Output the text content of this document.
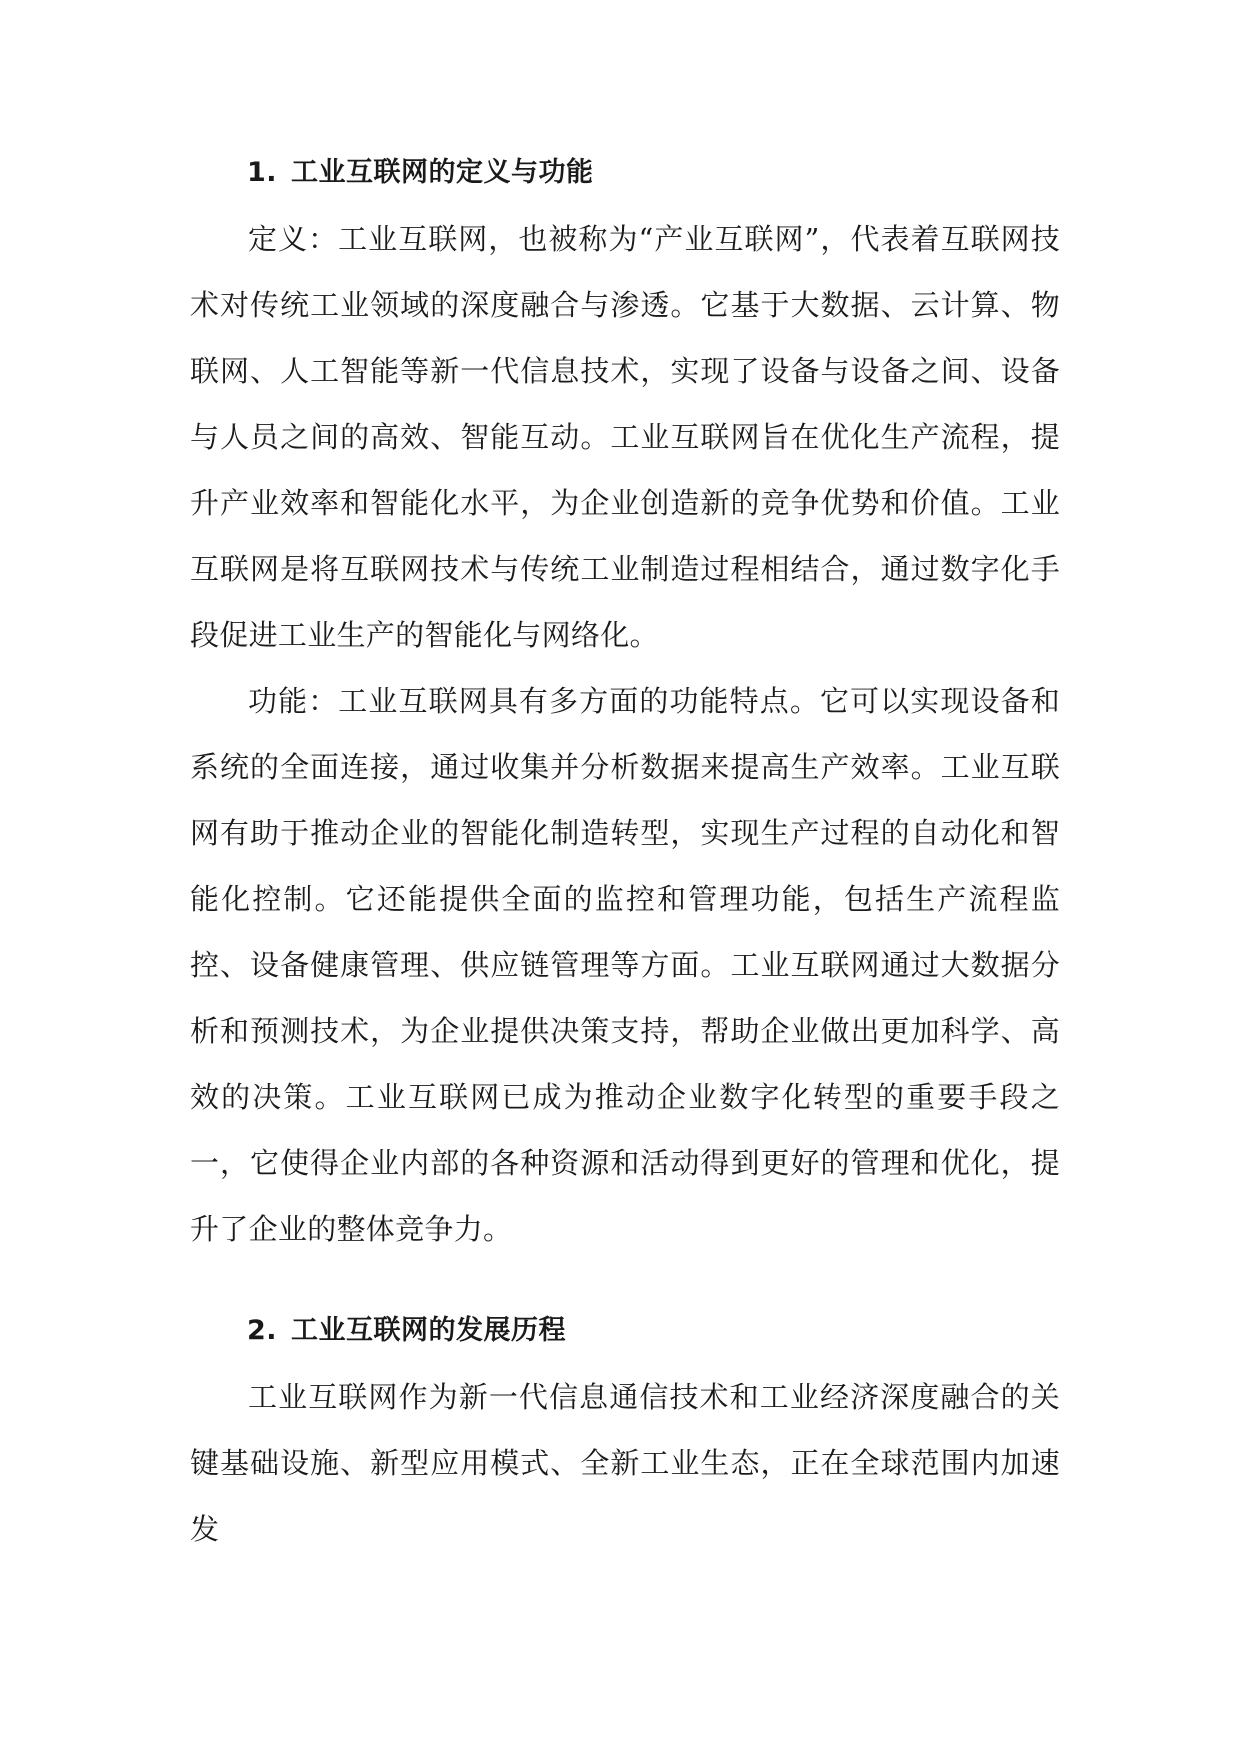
1. 工业互联网的定义与功能

定义：工业互联网，也被称为“产业互联网”，代表着互联网技术对传统工业领域的深度融合与渗透。它基于大数据、云计算、物联网、人工智能等新一代信息技术，实现了设备与设备之间、设备与人员之间的高效、智能互动。工业互联网旨在优化生产流程，提升产业效率和智能化水平，为企业创造新的竞争优势和价值。工业互联网是将互联网技术与传统工业制造过程相结合，通过数字化手段促进工业生产的智能化与网络化。

功能：工业互联网具有多方面的功能特点。它可以实现设备和系统的全面连接，通过收集并分析数据来提高生产效率。工业互联网有助于推动企业的智能化制造转型，实现生产过程的自动化和智能化控制。它还能提供全面的监控和管理功能，包括生产流程监控、设备健康管理、供应链管理等方面。工业互联网通过大数据分析和预测技术，为企业提供决策支持，帮助企业做出更加科学、高效的决策。工业互联网已成为推动企业数字化转型的重要手段之一，它使得企业内部的各种资源和活动得到更好的管理和优化，提升了企业的整体竞争力。

2. 工业互联网的发展历程

工业互联网作为新一代信息通信技术和工业经济深度融合的关键基础设施、新型应用模式、全新工业生态，正在全球范围内加速发
